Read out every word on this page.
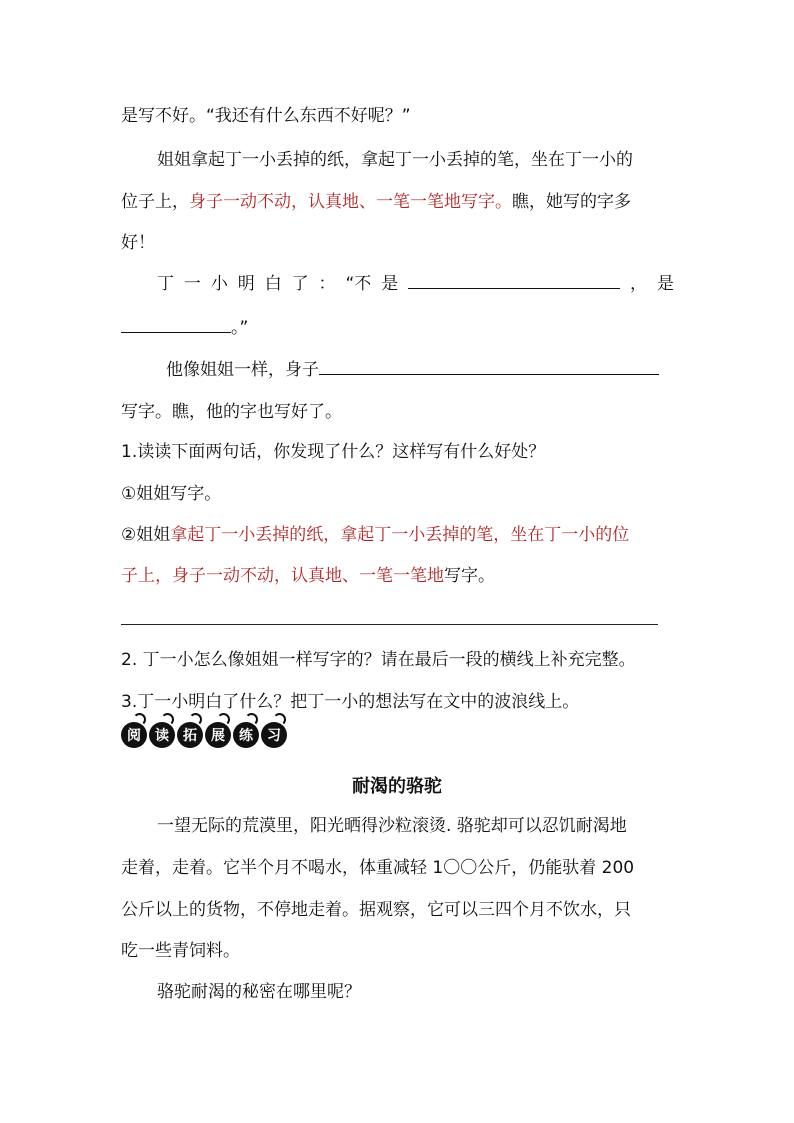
是写不好。“我还有什么东西不好呢？”
姐姐拿起丁一小丢掉的纸，拿起丁一小丢掉的笔，坐在丁一小的
位子上，身子一动不动，认真地、一笔一笔地写字。瞧，她写的字多
好！
丁 一 小 明 白 了 ： “不 是	， 是
。”
他像姐姐一样，身子
写字。瞧，他的字也写好了。
1.读读下面两句话，你发现了什么？这样写有什么好处？
①姐姐写字。
②姐姐拿起丁一小丢掉的纸，拿起丁一小丢掉的笔，坐在丁一小的位
子上，身子一动不动，认真地、一笔一笔地写字。
2. 丁一小怎么像姐姐一样写字的？请在最后一段的横线上补充完整。
3.丁一小明白了什么？把丁一小的想法写在文中的波浪线上。
阅 读 拓 展 练 习
耐渴的骆驼
一望无际的荒漠里，阳光晒得沙粒滚烫. 骆驼却可以忍饥耐渴地
走着，走着。它半个月不喝水，体重减轻 1〇〇公斤，仍能驮着 200
公斤以上的货物，不停地走着。据观察，它可以三四个月不饮水，只
吃一些青饲料。
骆驼耐渴的秘密在哪里呢？
